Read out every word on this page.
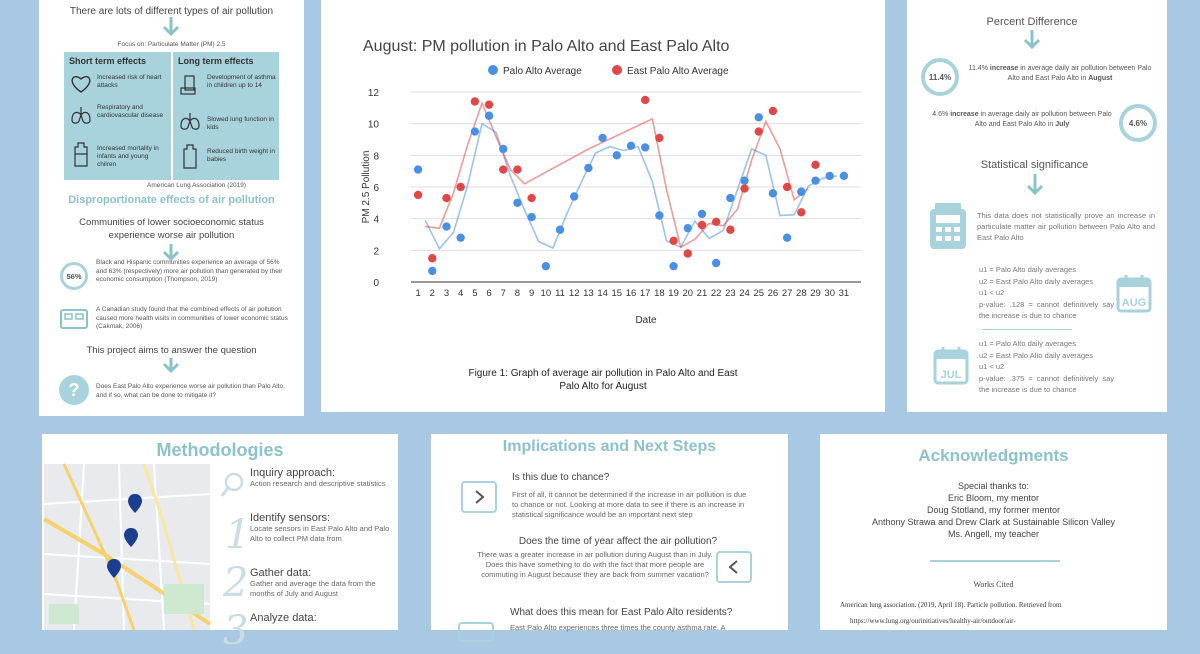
There are lots of different types of air pollution
Focus on: Particulate Matter (PM) 2.5
Short term effects
Increased risk of heart attacks
Respiratory and cardiovascular disease
Increased mortality in infants and young chilren
Long term effects
Development of asthma in children up to 14
Slowed lung function in kids
Reduced birth weight in babies
American Lung Association (2019)
Disproportionate effects of air pollution
Communities of lower socioeconomic status experience worse air pollution
56%
Black and Hispanic communities experience an average of 56% and 63% (respectively) more air pollution than generated by their economic consumption (Thompson, 2019)
A Canadian study found that the combined effects of air pollution caused more health visits in communities of lower economic status (Cakmak, 2006)
This project aims to answer the question
?	Does East Palo Alto experience worse air pollution than Palo Alto, and if so, what can be done to mitigate it?
August: PM pollution in Palo Alto and East Palo Alto
Palo Alto Average	East Palo Alto Average
0
2
4
6
8
10
12
1 2 3 4 5 6 7 8 9 10 11 12 13 14 15 16 17 18 19 20 21 22 23 24 25 26 27 28 29 30 31
Date
PM 2.5 Pollution
Figure 1: Graph of average air pollution in Palo Alto and East Palo Alto for August
Percent Difference
11.4%
11.4% increase in average daily air pollution between Palo Alto and East Palo Alto in August
4.6%
4.6% increase in average daily air pollution between Palo Alto and East Palo Alto in July
Statistical significance
This data does not statistically prove an increase in particulate matter air pollution between Palo Alto and East Palo Alto
u1 = Palo Alto daily averages
u2 = East Palo Alto daily averages
u1 < u2
p-value: .128 = cannot definitively say the increase is due to chance
AUG
u1 = Palo Alto daily averages
u2 = East Palo Alto daily averages
u1 < u2
p-value: .375 = cannot definitively say the increase is due to chance
JUL
Methodologies
Inquiry approach:
Action research and descriptive statistics
1 Identify sensors:
Locate sensors in East Palo Alto and Palo Alto to collect PM data from
2 Gather data:
Gather and average the data from the months of July and August
3 Analyze data:
Implications and Next Steps
Is this due to chance?
First of all, it cannot be determined if the increase in air pollution is due to chance or not. Looking at more data to see if there is an increase in statistical significance would be an important next step
Does the time of year affect the air pollution?
There was a greater increase in air pollution during August than in July. Does this have something to do with the fact that more people are commuting in August because they are back from summer vacation?
What does this mean for East Palo Alto residents?
East Palo Alto experiences three times the county asthma rate. A
Acknowledgments
Special thanks to:
Eric Bloom, my mentor
Doug Stotland, my former mentor
Anthony Strawa and Drew Clark at Sustainable Silicon Valley
Ms. Angell, my teacher
Works Cited
American lung association. (2019, April 18). Particle pollution. Retrieved from
https://www.lung.org/ourinitiatives/healthy-air/outdoor/air-
